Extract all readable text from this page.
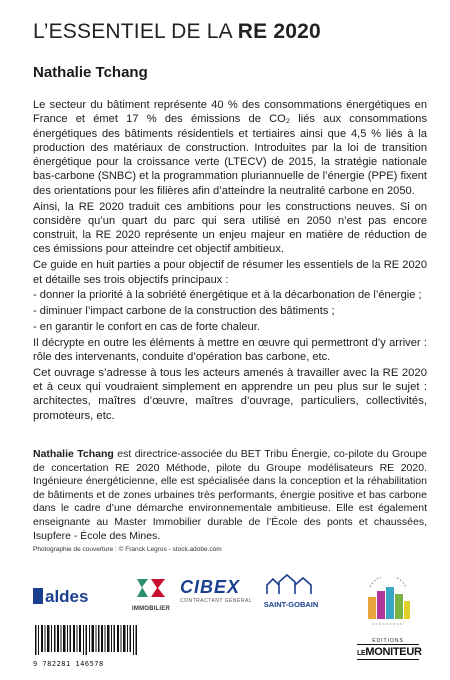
L’ESSENTIEL DE LA RE 2020
Nathalie Tchang

Le secteur du bâtiment représente 40 % des consommations énergétiques en France et émet 17 % des émissions de CO₂ liés aux consommations énergétiques des bâtiments résidentiels et tertiaires ainsi que 4,5 % liés à la production des matériaux de construction. Introduites par la loi de transition énergétique pour la croissance verte (LTECV) de 2015, la stratégie nationale bas-carbone (SNBC) et la programmation pluriannuelle de l’énergie (PPE) fixent des orientations pour les filières afin d’atteindre la neutralité carbone en 2050.

Ainsi, la RE 2020 traduit ces ambitions pour les constructions neuves. Si on considère qu’un quart du parc qui sera utilisé en 2050 n’est pas encore construit, la RE 2020 représente un enjeu majeur en matière de réduction de ces émissions pour atteindre cet objectif ambitieux.

Ce guide en huit parties a pour objectif de résumer les essentiels de la RE 2020 et détaille ses trois objectifs principaux :

- donner la priorité à la sobriété énergétique et à la décarbonation de l’énergie ;

- diminuer l’impact carbone de la construction des bâtiments ;

- en garantir le confort en cas de forte chaleur.

Il décrypte en outre les éléments à mettre en œuvre qui permettront d’y arriver : rôle des intervenants, conduite d’opération bas carbone, etc.

Cet ouvrage s’adresse à tous les acteurs amenés à travailler avec la RE 2020 et à ceux qui voudraient simplement en apprendre un peu plus sur le sujet : architectes, maîtres d’œuvre, maîtres d’ouvrage, particuliers, collectivités, promoteurs, etc.

Nathalie Tchang est directrice-associée du BET Tribu Énergie, co-pilote du Groupe de concertation RE 2020 Méthode, pilote du Groupe modélisateurs RE 2020. Ingénieure énergéticienne, elle est spécialisée dans la conception et la réhabilitation de bâtiments et de zones urbaines très performants, énergie positive et bas carbone dans le cadre d’une démarche environnementale ambitieuse. Elle est également enseignante au Master Immobilier durable de l’École des ponts et chaussées, Isupfere - École des Mines.
Photographie de couverture : © Franck Legros - stock.adobe.com
aldes
IMMOBILIER
CIBEX
CONTRACTANT GÉNÉRAL	SAINT-GOBAIN
9 782281 146578
ÉDITIONS
LEMONITEUR
